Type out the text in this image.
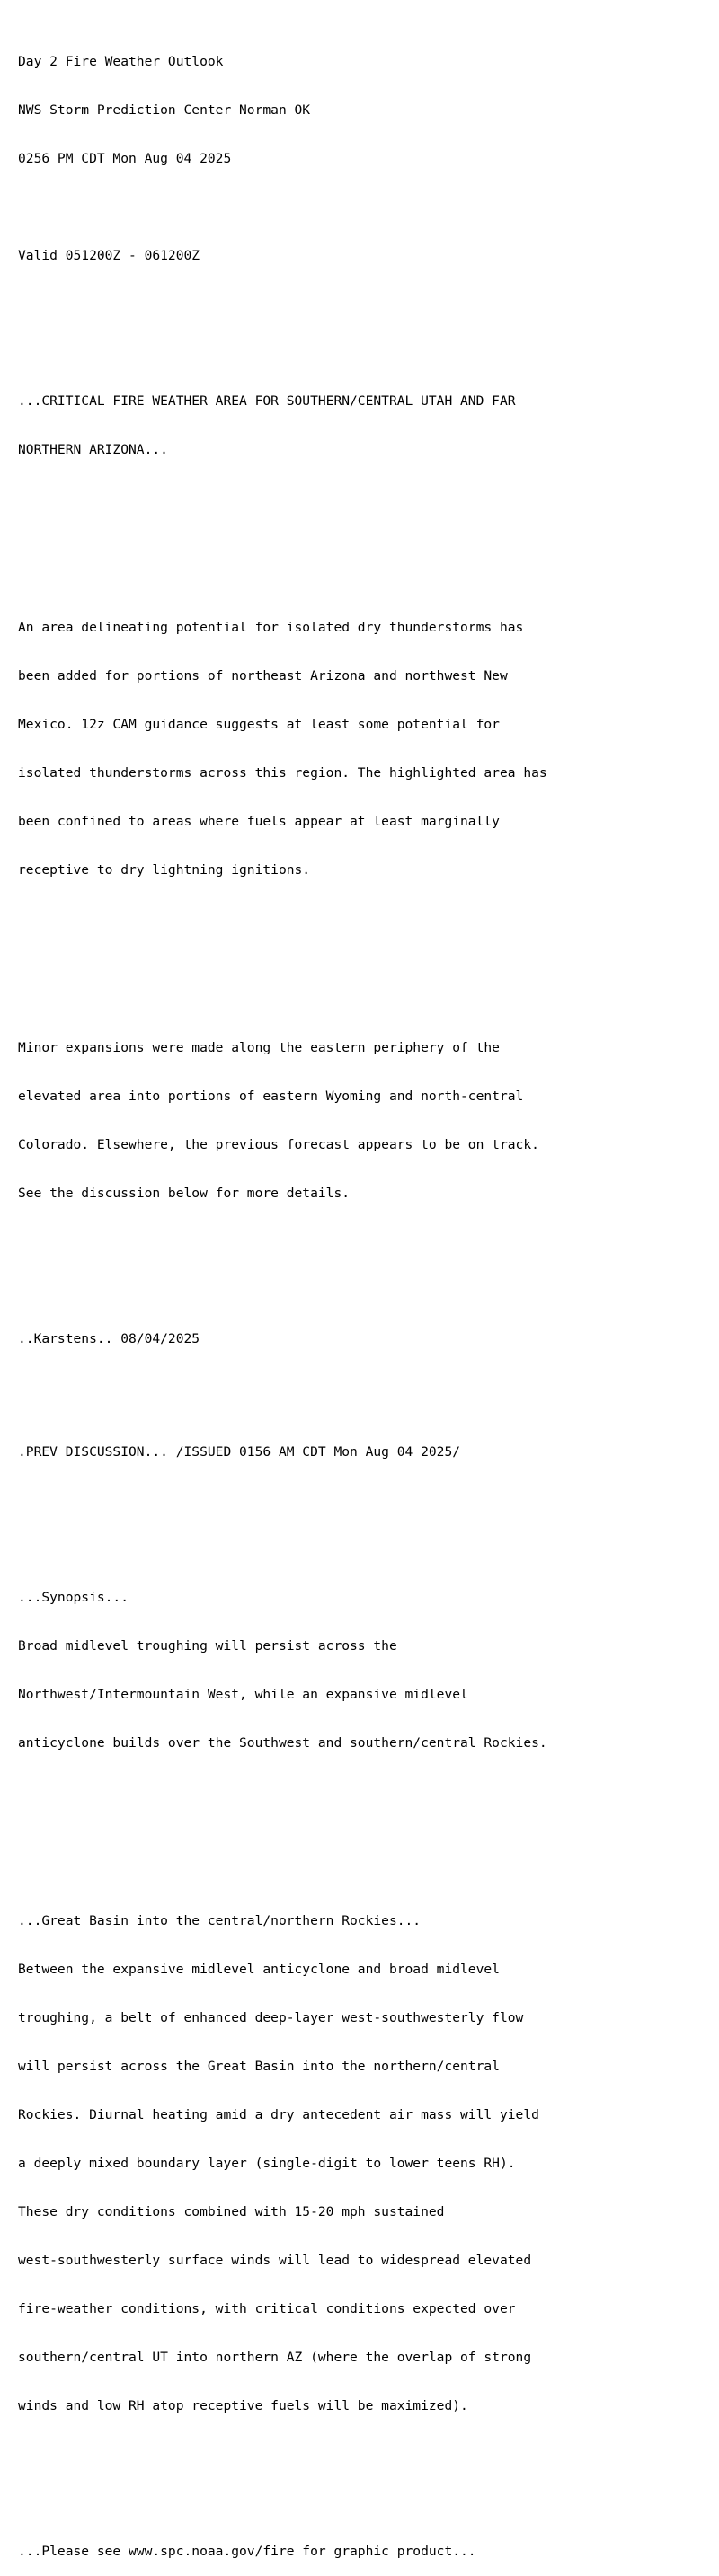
Day 2 Fire Weather Outlook

NWS Storm Prediction Center Norman OK

0256 PM CDT Mon Aug 04 2025

Valid 051200Z - 061200Z

...CRITICAL FIRE WEATHER AREA FOR SOUTHERN/CENTRAL UTAH AND FAR

NORTHERN ARIZONA...

An area delineating potential for isolated dry thunderstorms has

been added for portions of northeast Arizona and northwest New

Mexico. 12z CAM guidance suggests at least some potential for

isolated thunderstorms across this region. The highlighted area has

been confined to areas where fuels appear at least marginally

receptive to dry lightning ignitions.

Minor expansions were made along the eastern periphery of the

elevated area into portions of eastern Wyoming and north-central

Colorado. Elsewhere, the previous forecast appears to be on track.

See the discussion below for more details.

..Karstens.. 08/04/2025

.PREV DISCUSSION... /ISSUED 0156 AM CDT Mon Aug 04 2025/

...Synopsis...

Broad midlevel troughing will persist across the

Northwest/Intermountain West, while an expansive midlevel

anticyclone builds over the Southwest and southern/central Rockies.

...Great Basin into the central/northern Rockies...

Between the expansive midlevel anticyclone and broad midlevel

troughing, a belt of enhanced deep-layer west-southwesterly flow

will persist across the Great Basin into the northern/central

Rockies. Diurnal heating amid a dry antecedent air mass will yield

a deeply mixed boundary layer (single-digit to lower teens RH).

These dry conditions combined with 15-20 mph sustained

west-southwesterly surface winds will lead to widespread elevated

fire-weather conditions, with critical conditions expected over

southern/central UT into northern AZ (where the overlap of strong

winds and low RH atop receptive fuels will be maximized).

...Please see www.spc.noaa.gov/fire for graphic product...
